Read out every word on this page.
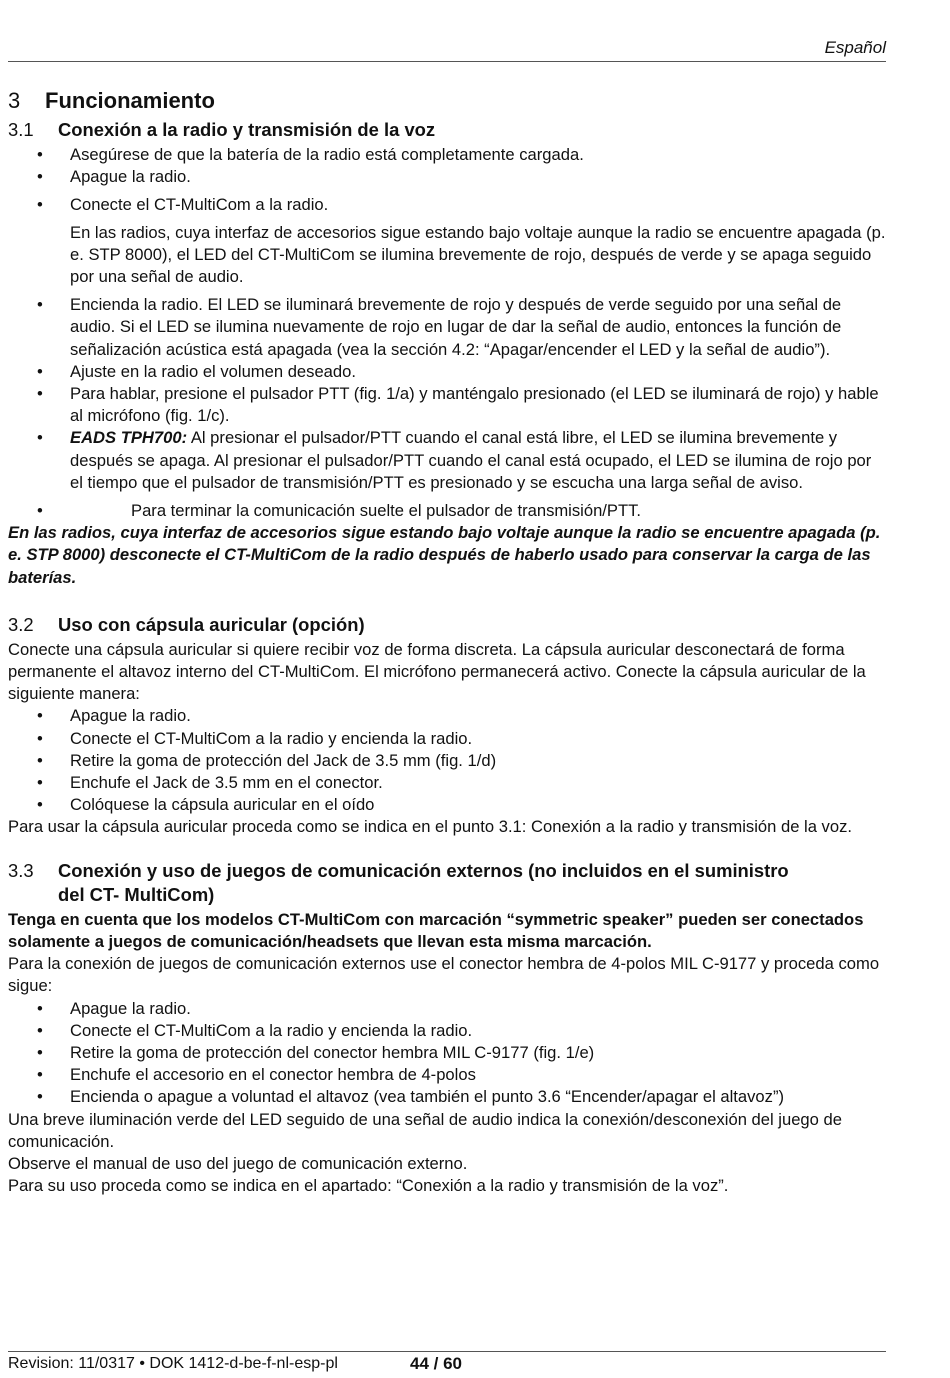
Español
3 Funcionamiento
3.1	Conexión a la radio y transmisión de la voz
• Asegúrese de que la batería de la radio está completamente cargada.
• Apague la radio.
• Conecte el CT-MultiCom a la radio.

En las radios, cuya interfaz de accesorios sigue estando bajo voltaje aunque la radio se encuentre apagada (p. e. STP 8000), el LED del CT-MultiCom se ilumina brevemente de rojo, después de verde y se apaga seguido por una señal de audio.

• Encienda la radio. El LED se iluminará brevemente de rojo y después de verde seguido por una señal de audio. Si el LED se ilumina nuevamente de rojo en lugar de dar la señal de audio, entonces la función de señalización acústica está apagada (vea la sección 4.2: “Apagar/encender el LED y la señal de audio”).
• Ajuste en la radio el volumen deseado.
• Para hablar, presione el pulsador PTT (fig. 1/a) y manténgalo presionado (el LED se iluminará de rojo) y hable al micrófono (fig. 1/c).
• EADS TPH700: Al presionar el pulsador/PTT cuando el canal está libre, el LED se ilumina brevemente y después se apaga. Al presionar el pulsador/PTT cuando el canal está ocupado, el LED se ilumina de rojo por el tiempo que el pulsador de transmisión/PTT es presionado y se escucha una larga señal de aviso.
• Para terminar la comunicación suelte el pulsador de transmisión/PTT.

En las radios, cuya interfaz de accesorios sigue estando bajo voltaje aunque la radio se encuentre apagada (p. e. STP 8000) desconecte el CT-MultiCom de la radio después de haberlo usado para conservar la carga de las baterías.

3.2	Uso con cápsula auricular (opción)

Conecte una cápsula auricular si quiere recibir voz de forma discreta. La cápsula auricular desconectará de forma permanente el altavoz interno del CT-MultiCom. El micrófono permanecerá activo. Conecte la cápsula auricular de la siguiente manera:

• Apague la radio.
• Conecte el CT-MultiCom a la radio y encienda la radio.
• Retire la goma de protección del Jack de 3.5 mm (fig. 1/d)
• Enchufe el Jack de 3.5 mm en el conector.
• Colóquese la cápsula auricular en el oído

Para usar la cápsula auricular proceda como se indica en el punto 3.1: Conexión a la radio y transmisión de la voz.

3.3	Conexión y uso de juegos de comunicación externos (no incluidos en el suministro del CT- MultiCom)

Tenga en cuenta que los modelos CT-MultiCom con marcación “symmetric speaker” pueden ser conectados solamente a juegos de comunicación/headsets que llevan esta misma marcación.

Para la conexión de juegos de comunicación externos use el conector hembra de 4-polos MIL C-9177 y proceda como sigue:

• Apague la radio.
• Conecte el CT-MultiCom a la radio y encienda la radio.
• Retire la goma de protección del conector hembra MIL C-9177 (fig. 1/e)
• Enchufe el accesorio en el conector hembra de 4-polos
• Encienda o apague a voluntad el altavoz (vea también el punto 3.6 “Encender/apagar el altavoz”)

Una breve iluminación verde del LED seguido de una señal de audio indica la conexión/desconexión del juego de comunicación.

Observe el manual de uso del juego de comunicación externo.

Para su uso proceda como se indica en el apartado: “Conexión a la radio y transmisión de la voz”.

Revision: 11/0317 • DOK 1412-d-be-f-nl-esp-pl	44 / 60
